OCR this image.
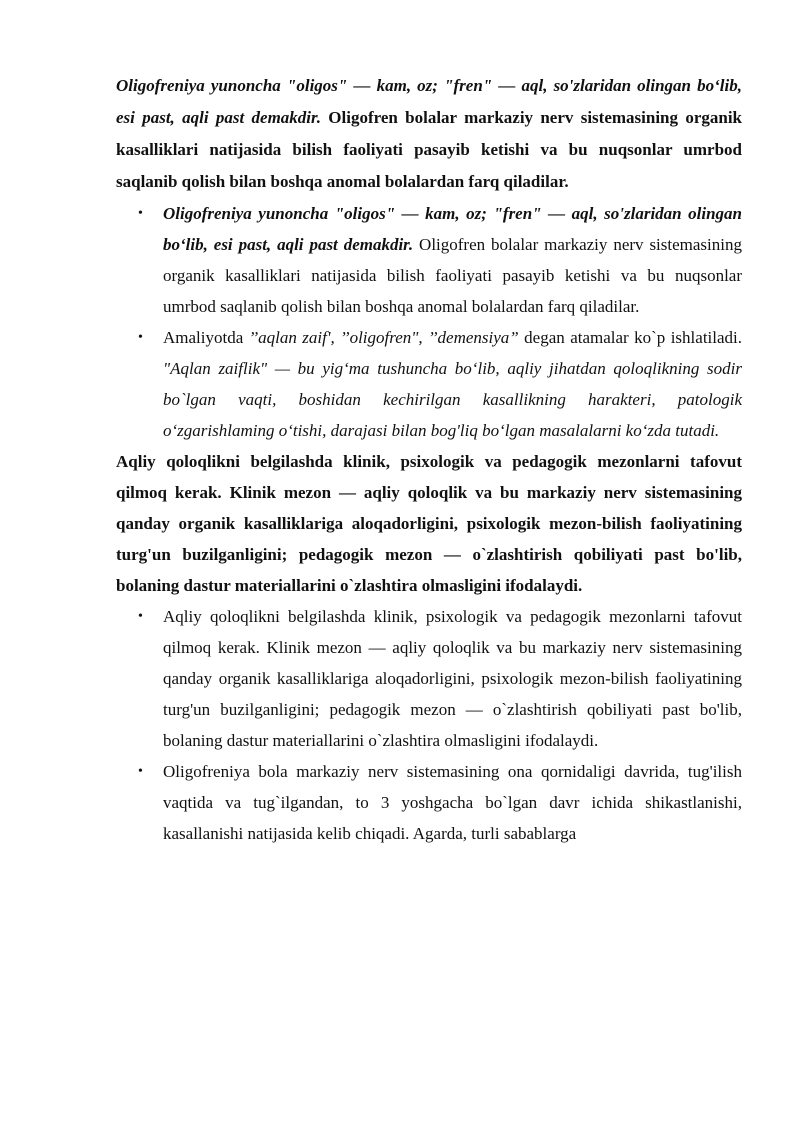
Oligofreniya yunoncha "oligos" — kam, oz; "fren" — aql, so'zlaridan olingan bo‘lib, esi past, aqli past demakdir. Oligofren bolalar markaziy nerv sistemasining organik kasalliklari natijasida bilish faoliyati pasayib ketishi va bu nuqsonlar umrbod saqlanib qolish bilan boshqa anomal bolalardan farq qiladilar.

• Oligofreniya yunoncha "oligos" — kam, oz; "fren" — aql, so'zlaridan olingan bo‘lib, esi past, aqli past demakdir. Oligofren bolalar markaziy nerv sistemasining organik kasalliklari natijasida bilish faoliyati pasayib ketishi va bu nuqsonlar umrbod saqlanib qolish bilan boshqa anomal bolalardan farq qiladilar.

• Amaliyotda ’’aqlan zaif', ’’oligofren", ’’demensiya” degan atamalar ko`p ishlatiladi. "Aqlan zaiflik" — bu yig‘ma tushuncha bo‘lib, aqliy jihatdan qoloqlikning sodir bo`lgan vaqti, boshidan kechirilgan kasallikning harakteri, patologik o‘zgarishlaming o‘tishi, darajasi bilan bog'liq bo‘lgan masalalarni ko‘zda tutadi.

Aqliy qoloqlikni belgilashda klinik, psixologik va pedagogik mezonlarni tafovut qilmoq kerak. Klinik mezon — aqliy qoloqlik va bu markaziy nerv sistemasining qanday organik kasalliklariga aloqadorligini, psixologik mezon-bilish faoliyatining turg'un buzilganligini; pedagogik mezon — o`zlashtirish qobiliyati past bo'lib, bolaning dastur materiallarini o`zlashtira olmasligini ifodalaydi.

• Aqliy qoloqlikni belgilashda klinik, psixologik va pedagogik mezonlarni tafovut qilmoq kerak. Klinik mezon — aqliy qoloqlik va bu markaziy nerv sistemasining qanday organik kasalliklariga aloqadorligini, psixologik mezon-bilish faoliyatining turg'un buzilganligini; pedagogik mezon — o`zlashtirish qobiliyati past bo'lib, bolaning dastur materiallarini o`zlashtira olmasligini ifodalaydi.

• Oligofreniya bola markaziy nerv sistemasining ona qornidaligi davrida, tug'ilish vaqtida va tug`ilgandan, to 3 yoshgacha bo`lgan davr ichida shikastlanishi, kasallanishi natijasida kelib chiqadi. Agarda, turli sabablarga
